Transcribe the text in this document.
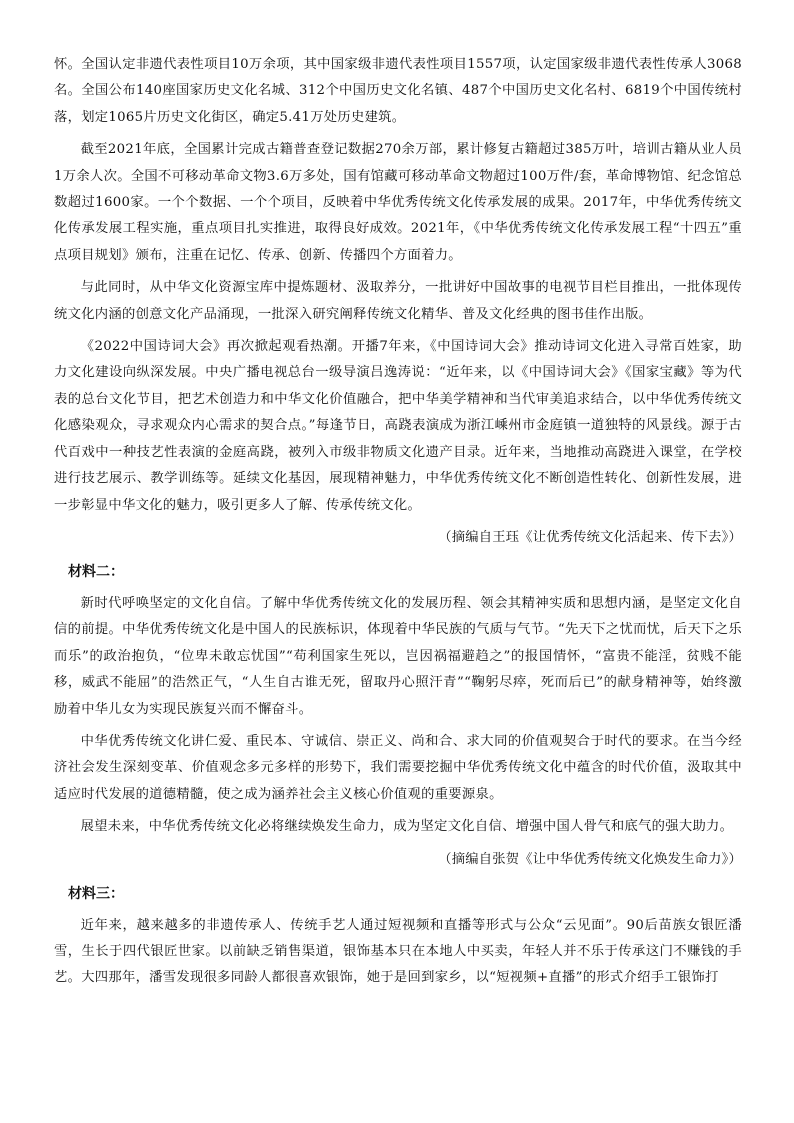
怀。全国认定非遗代表性项目10万余项，其中国家级非遗代表性项目1557项，认定国家级非遗代表性传承人3068名。全国公布140座国家历史文化名城、312个中国历史文化名镇、487个中国历史文化名村、6819个中国传统村落，划定1065片历史文化街区，确定5.41万处历史建筑。

截至2021年底，全国累计完成古籍普查登记数据270余万部，累计修复古籍超过385万叶，培训古籍从业人员1万余人次。全国不可移动革命文物3.6万多处，国有馆藏可移动革命文物超过100万件/套，革命博物馆、纪念馆总数超过1600家。一个个数据、一个个项目，反映着中华优秀传统文化传承发展的成果。2017年，中华优秀传统文化传承发展工程实施，重点项目扎实推进，取得良好成效。2021年，《中华优秀传统文化传承发展工程“十四五”重点项目规划》颁布，注重在记忆、传承、创新、传播四个方面着力。

与此同时，从中华文化资源宝库中提炼题材、汲取养分，一批讲好中国故事的电视节目栏目推出，一批体现传统文化内涵的创意文化产品涌现，一批深入研究阐释传统文化精华、普及文化经典的图书佳作出版。

《2022中国诗词大会》再次掀起观看热潮。开播7年来，《中国诗词大会》推动诗词文化进入寻常百姓家，助力文化建设向纵深发展。中央广播电视总台一级导演吕逸涛说：“近年来，以《中国诗词大会》《国家宝藏》等为代表的总台文化节目，把艺术创造力和中华文化价值融合，把中华美学精神和当代审美追求结合，以中华优秀传统文化感染观众，寻求观众内心需求的契合点。”每逢节日，高跷表演成为浙江嵊州市金庭镇一道独特的风景线。源于古代百戏中一种技艺性表演的金庭高跷，被列入市级非物质文化遗产目录。近年来，当地推动高跷进入课堂，在学校进行技艺展示、教学训练等。延续文化基因，展现精神魅力，中华优秀传统文化不断创造性转化、创新性发展，进一步彰显中华文化的魅力，吸引更多人了解、传承传统文化。

（摘编自王珏《让优秀传统文化活起来、传下去》）

材料二：

新时代呼唤坚定的文化自信。了解中华优秀传统文化的发展历程、领会其精神实质和思想内涵，是坚定文化自信的前提。中华优秀传统文化是中国人的民族标识，体现着中华民族的气质与气节。“先天下之忧而忧，后天下之乐而乐”的政治抱负，“位卑未敢忘忧国”“苟利国家生死以，岂因祸福避趋之”的报国情怀，“富贵不能淫，贫贱不能移，威武不能屈”的浩然正气，“人生自古谁无死，留取丹心照汗青”“鞠躬尽瘁，死而后已”的献身精神等，始终激励着中华儿女为实现民族复兴而不懈奋斗。

中华优秀传统文化讲仁爱、重民本、守诚信、崇正义、尚和合、求大同的价值观契合于时代的要求。在当今经济社会发生深刻变革、价值观念多元多样的形势下，我们需要挖掘中华优秀传统文化中蕴含的时代价值，汲取其中适应时代发展的道德精髓，使之成为涵养社会主义核心价值观的重要源泉。

展望未来，中华优秀传统文化必将继续焕发生命力，成为坚定文化自信、增强中国人骨气和底气的强大助力。

（摘编自张贺《让中华优秀传统文化焕发生命力》）

材料三：

近年来，越来越多的非遗传承人、传统手艺人通过短视频和直播等形式与公众“云见面”。90后苗族女银匠潘雪，生长于四代银匠世家。以前缺乏销售渠道，银饰基本只在本地人中买卖，年轻人并不乐于传承这门不赚钱的手艺。大四那年，潘雪发现很多同龄人都很喜欢银饰，她于是回到家乡，以“短视频+直播”的形式介绍手工银饰打
